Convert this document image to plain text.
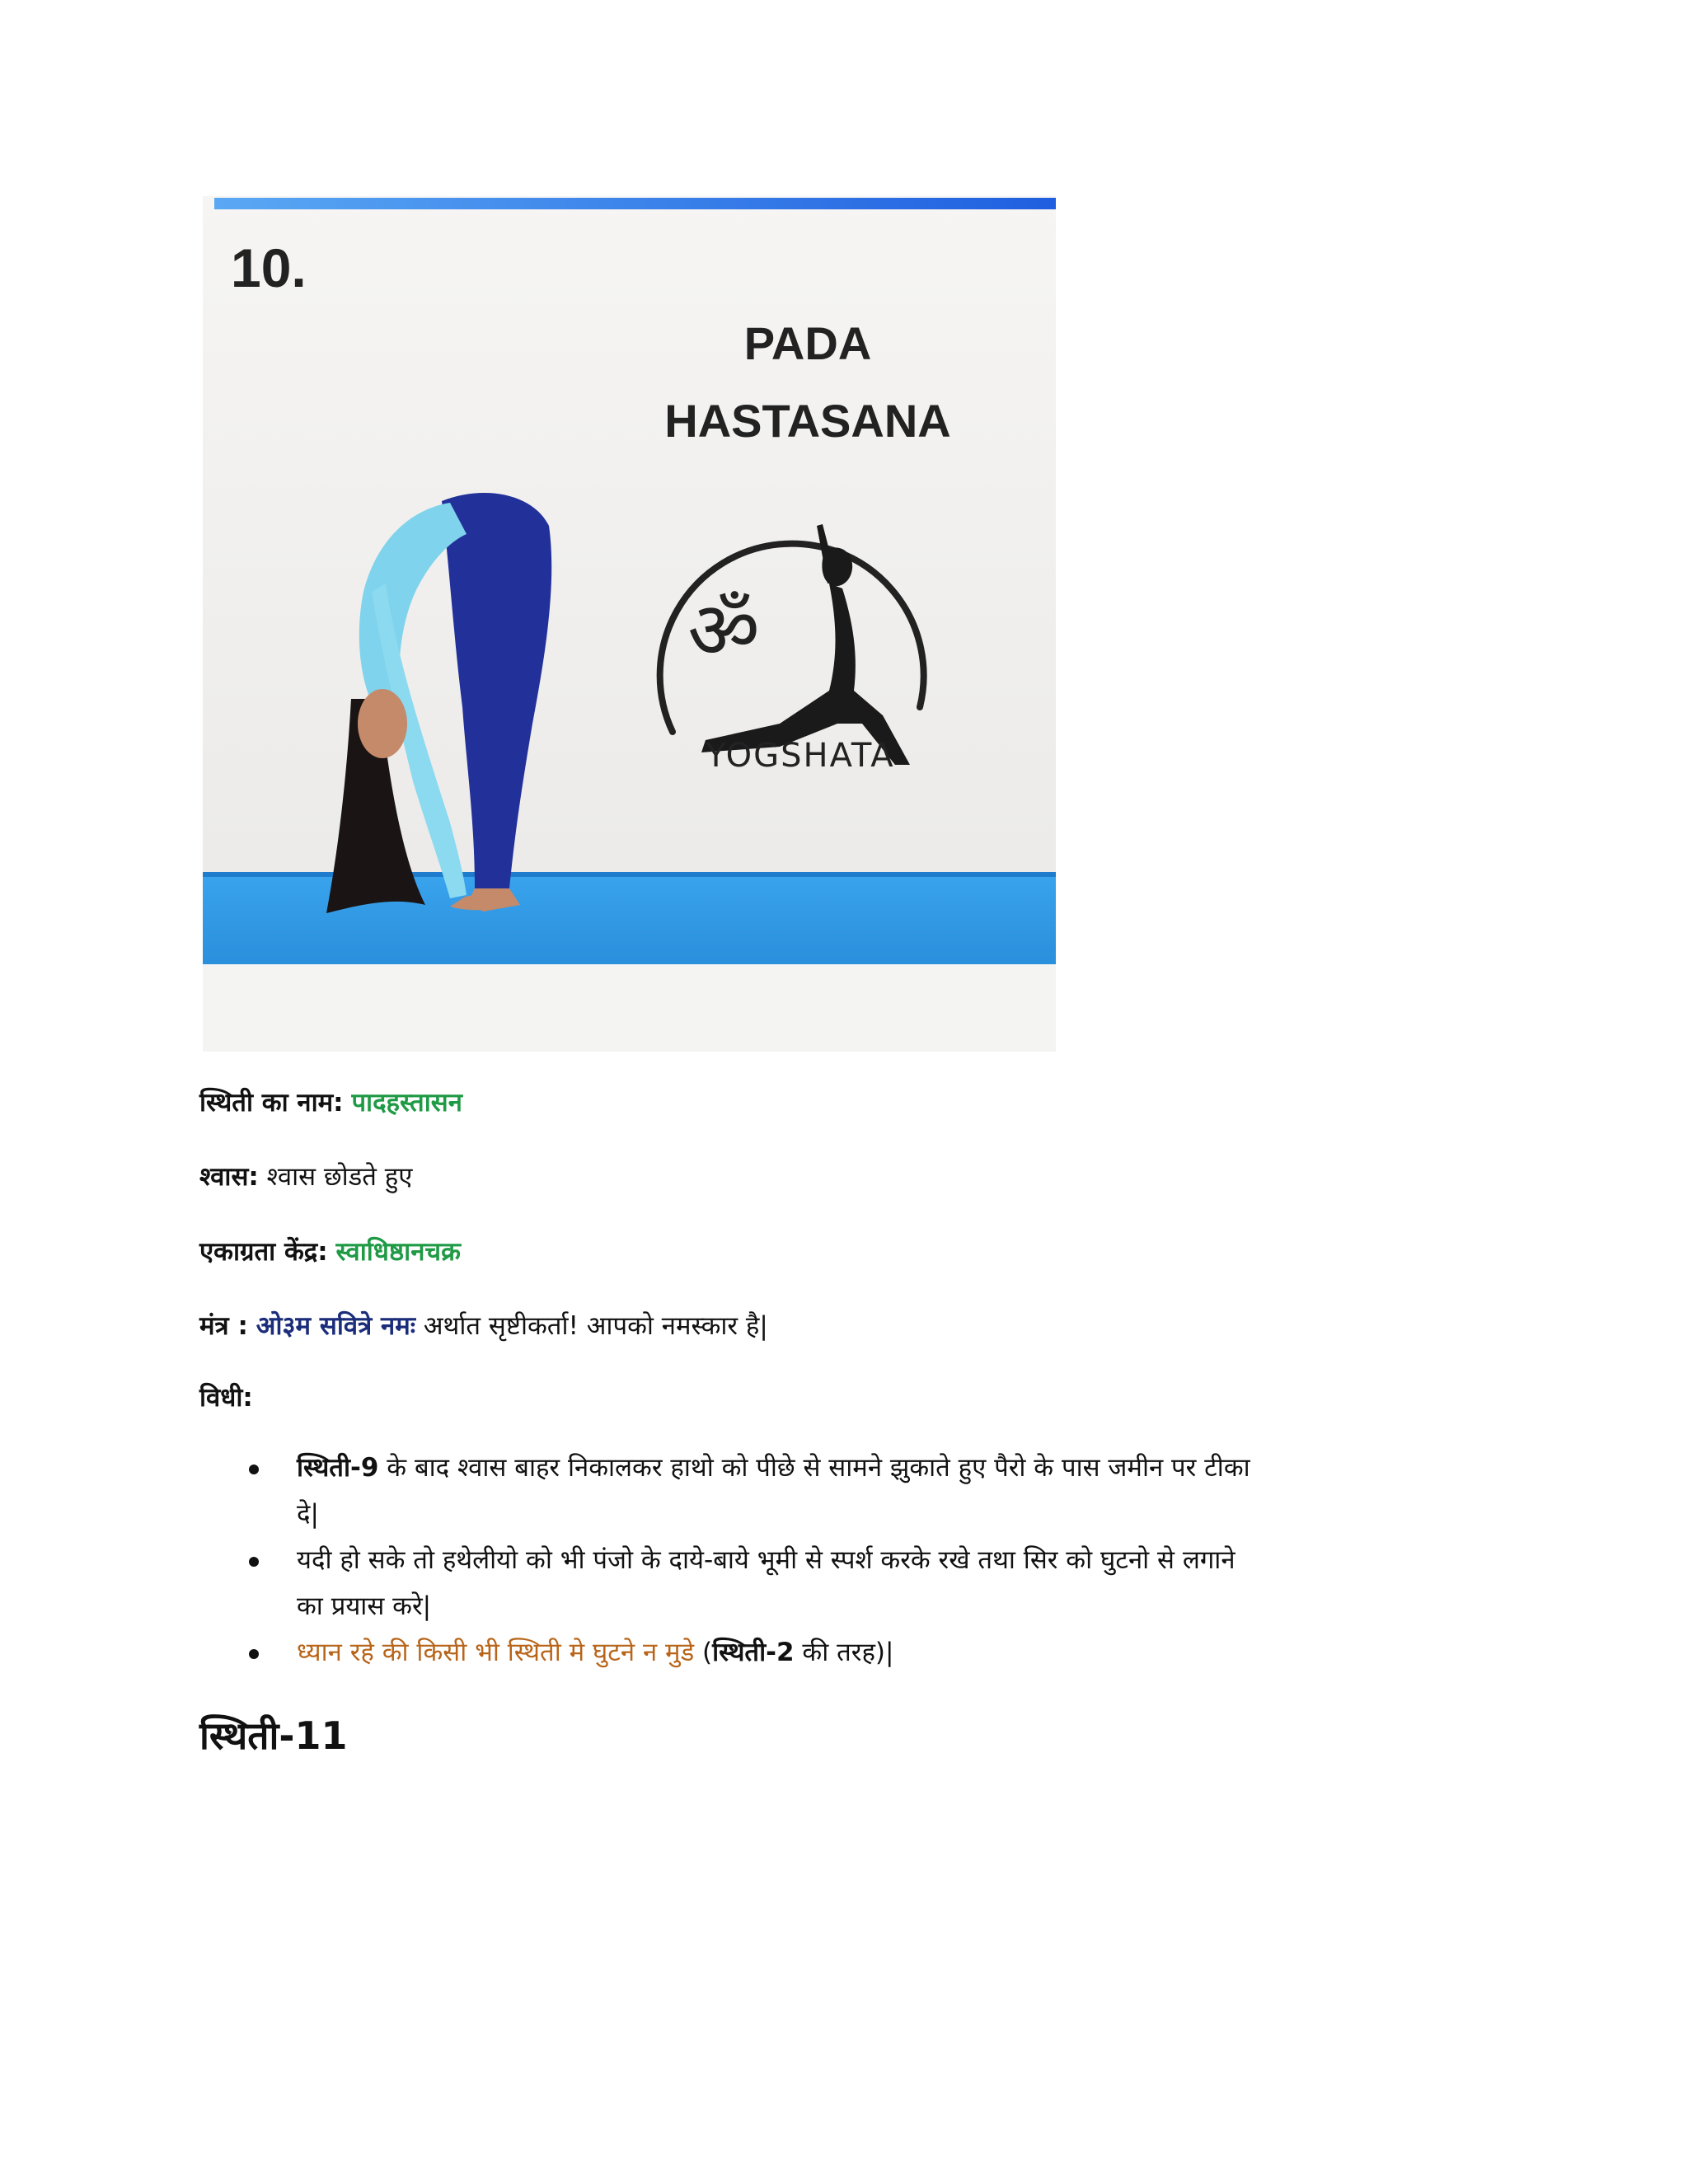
10.
PADA
HASTASANA
ॐ
YOGSHATA
स्थिती का नाम: पादहस्तासन
श्वास: श्वास छोडते हुए
एकाग्रता केंद्र: स्वाधिष्ठानचक्र
मंत्र : ओ३म सवित्रे नमः अर्थात सृष्टीकर्ता! आपको नमस्कार है|
विधी:
स्थिती-9 के बाद श्वास बाहर निकालकर हाथो को पीछे से सामने झुकाते हुए पैरो के पास जमीन पर टीका
दे|
यदी हो सके तो हथेलीयो को भी पंजो के दाये-बाये भूमी से स्पर्श करके रखे तथा सिर को घुटनो से लगाने
का प्रयास करे|
ध्यान रहे की किसी भी स्थिती मे घुटने न मुडे (स्थिती-2 की तरह)|
स्थिती-11
